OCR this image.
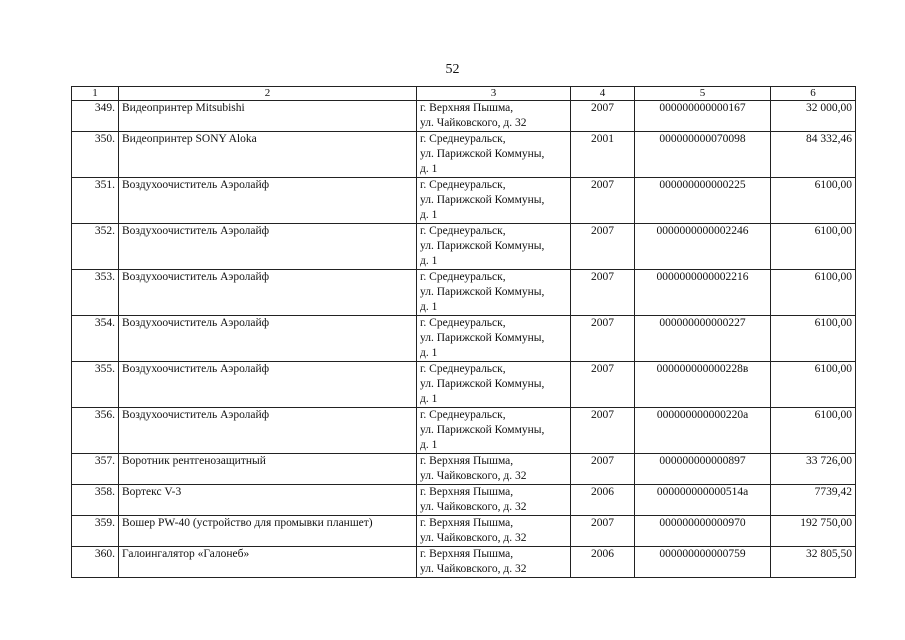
52
1	2	3	4	5	6
349.	Видеопринтер Mitsubishi	г. Верхняя Пышма,
ул. Чайковского, д. 32	2007	000000000000167	32 000,00
350.	Видеопринтер SONY Aloka	г. Среднеуральск,
ул. Парижской Коммуны,
д. 1	2001	000000000070098	84 332,46
351.	Воздухоочиститель Аэролайф	г. Среднеуральск,
ул. Парижской Коммуны,
д. 1	2007	000000000000225	6100,00
352.	Воздухоочиститель Аэролайф	г. Среднеуральск,
ул. Парижской Коммуны,
д. 1	2007	0000000000002246	6100,00
353.	Воздухоочиститель Аэролайф	г. Среднеуральск,
ул. Парижской Коммуны,
д. 1	2007	0000000000002216	6100,00
354.	Воздухоочиститель Аэролайф	г. Среднеуральск,
ул. Парижской Коммуны,
д. 1	2007	000000000000227	6100,00
355.	Воздухоочиститель Аэролайф	г. Среднеуральск,
ул. Парижской Коммуны,
д. 1	2007	000000000000228в	6100,00
356.	Воздухоочиститель Аэролайф	г. Среднеуральск,
ул. Парижской Коммуны,
д. 1	2007	000000000000220а	6100,00
357.	Воротник рентгенозащитный	г. Верхняя Пышма,
ул. Чайковского, д. 32	2007	000000000000897	33 726,00
358.	Вортекс V-3	г. Верхняя Пышма,
ул. Чайковского, д. 32	2006	000000000000514а	7739,42
359.	Вошер PW-40 (устройство для промывки планшет)	г. Верхняя Пышма,
ул. Чайковского, д. 32	2007	000000000000970	192 750,00
360.	Галоингалятор «Галонеб»	г. Верхняя Пышма,
ул. Чайковского, д. 32	2006	000000000000759	32 805,50
